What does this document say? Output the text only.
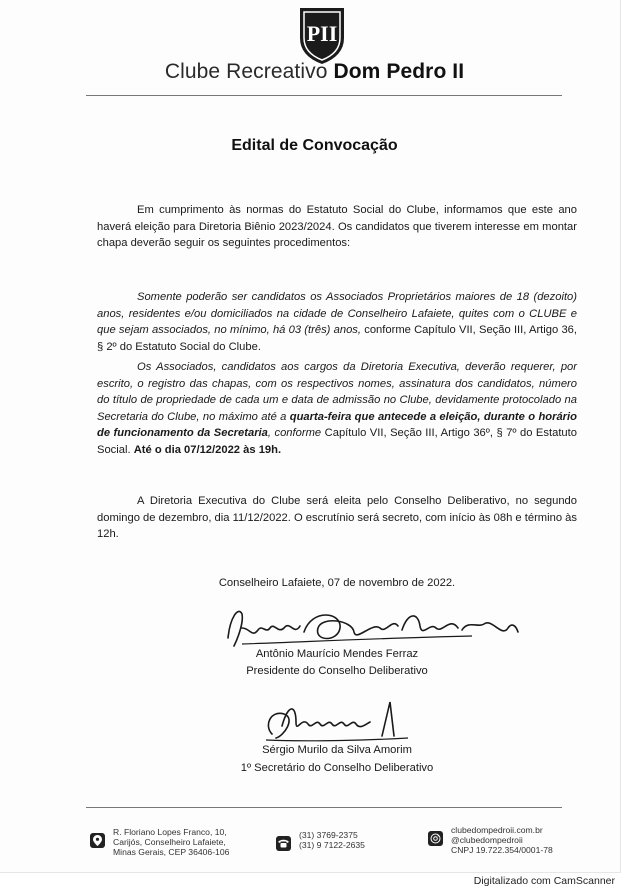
PII
Clube Recreativo Dom Pedro II
Edital de Convocação
Em cumprimento às normas do Estatuto Social do Clube, informamos que este ano haverá eleição para Diretoria Biênio 2023/2024. Os candidatos que tiverem interesse em montar chapa deverão seguir os seguintes procedimentos:
Somente poderão ser candidatos os Associados Proprietários maiores de 18 (dezoito) anos, residentes e/ou domiciliados na cidade de Conselheiro Lafaiete, quites com o CLUBE e que sejam associados, no mínimo, há 03 (três) anos, conforme Capítulo VII, Seção III, Artigo 36, § 2º do Estatuto Social do Clube.
Os Associados, candidatos aos cargos da Diretoria Executiva, deverão requerer, por escrito, o registro das chapas, com os respectivos nomes, assinatura dos candidatos, número do título de propriedade de cada um e data de admissão no Clube, devidamente protocolado na Secretaria do Clube, no máximo até a quarta-feira que antecede a eleição, durante o horário de funcionamento da Secretaria, conforme Capítulo VII, Seção III, Artigo 36º, § 7º do Estatuto Social. Até o dia 07/12/2022 às 19h.
A Diretoria Executiva do Clube será eleita pelo Conselho Deliberativo, no segundo domingo de dezembro, dia 11/12/2022. O escrutínio será secreto, com início às 08h e término às 12h.
Conselheiro Lafaiete, 07 de novembro de 2022.
Antônio Maurício Mendes Ferraz
Presidente do Conselho Deliberativo
Sérgio Murilo da Silva Amorim
1º Secretário do Conselho Deliberativo
R. Floriano Lopes Franco, 10,
Carijós, Conselheiro Lafaiete,
Minas Gerais, CEP 36406-106
(31) 3769-2375
(31) 9 7122-2635
clubedompedroii.com.br
@clubedompedroii
CNPJ 19.722.354/0001-78
Digitalizado com CamScanner
